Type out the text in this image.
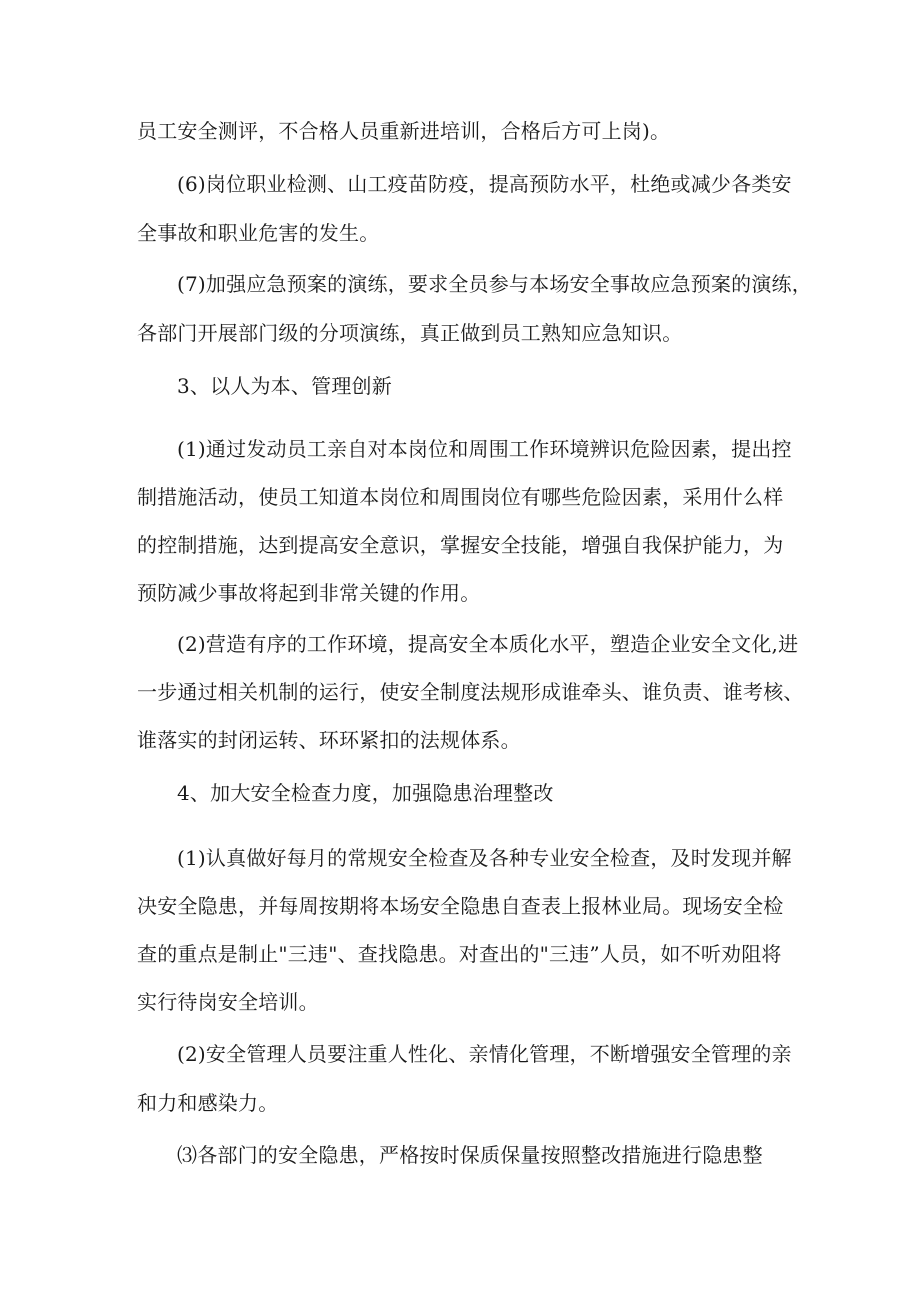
员工安全测评，不合格人员重新进培训，合格后方可上岗)。
(6)岗位职业检测、山工疫苗防疫，提高预防水平，杜绝或减少各类安
全事故和职业危害的发生。
(7)加强应急预案的演练，要求全员参与本场安全事故应急预案的演练，
各部门开展部门级的分项演练，真正做到员工熟知应急知识。
3、以人为本、管理创新
(1)通过发动员工亲自对本岗位和周围工作环境辨识危险因素，提出控
制措施活动，使员工知道本岗位和周围岗位有哪些危险因素，采用什么样
的控制措施，达到提高安全意识，掌握安全技能，增强自我保护能力，为
预防减少事故将起到非常关键的作用。
(2)营造有序的工作环境，提高安全本质化水平，塑造企业安全文化,进
一步通过相关机制的运行，使安全制度法规形成谁牵头、谁负责、谁考核、
谁落实的封闭运转、环环紧扣的法规体系。
4、加大安全检查力度，加强隐患治理整改
(1)认真做好每月的常规安全检查及各种专业安全检查，及时发现并解
决安全隐患，并每周按期将本场安全隐患自查表上报林业局。现场安全检
查的重点是制止"三违"、查找隐患。对查出的"三违”人员，如不听劝阻将
实行待岗安全培训。
(2)安全管理人员要注重人性化、亲情化管理，不断增强安全管理的亲
和力和感染力。
⑶各部门的安全隐患，严格按时保质保量按照整改措施进行隐患整
